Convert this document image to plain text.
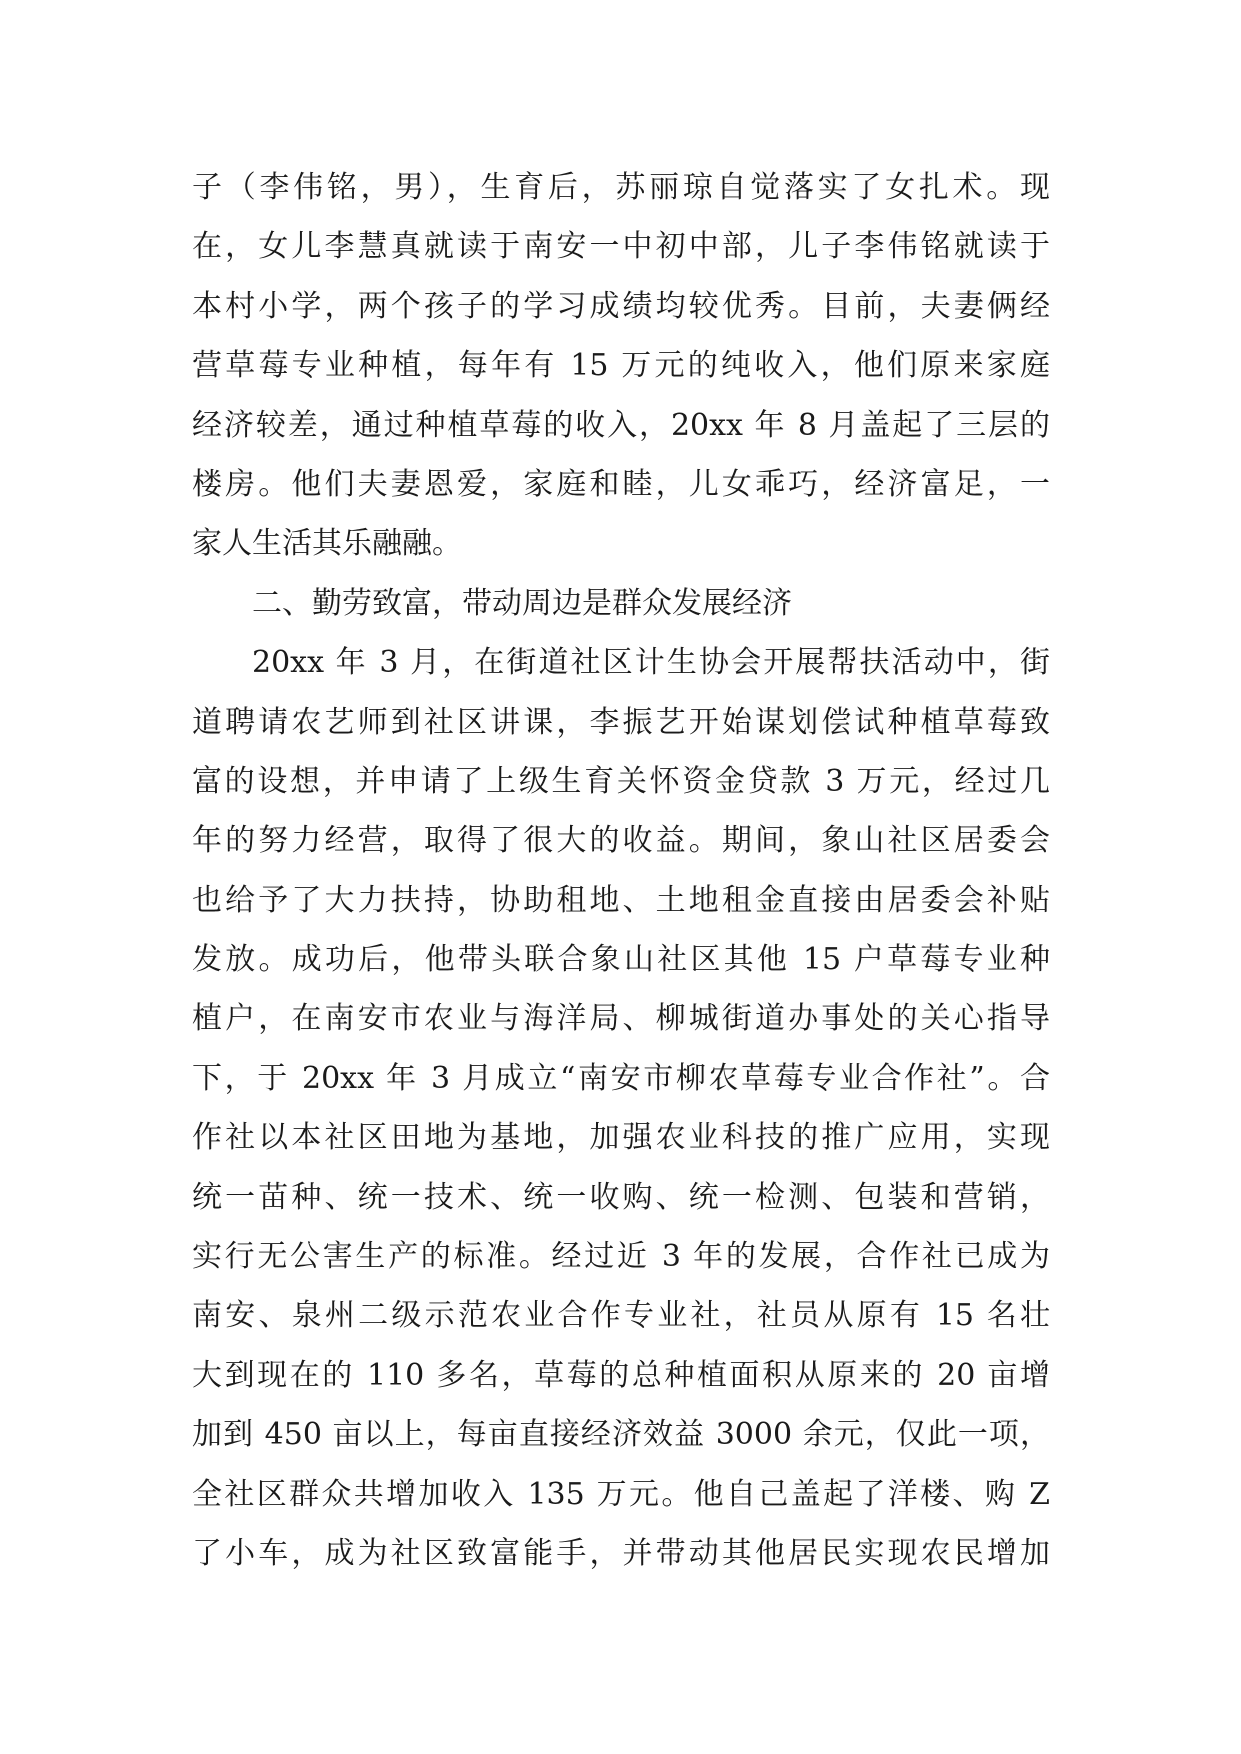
子（李伟铭，男），生育后，苏丽琼自觉落实了女扎术。现
在，女儿李慧真就读于南安一中初中部，儿子李伟铭就读于
本村小学，两个孩子的学习成绩均较优秀。目前，夫妻俩经
营草莓专业种植，每年有 15 万元的纯收入，他们原来家庭
经济较差，通过种植草莓的收入，20xx 年 8 月盖起了三层的
楼房。他们夫妻恩爱，家庭和睦，儿女乖巧，经济富足，一
家人生活其乐融融。
二、勤劳致富，带动周边是群众发展经济
20xx 年 3 月，在街道社区计生协会开展帮扶活动中，街
道聘请农艺师到社区讲课，李振艺开始谋划偿试种植草莓致
富的设想，并申请了上级生育关怀资金贷款 3 万元，经过几
年的努力经营，取得了很大的收益。期间，象山社区居委会
也给予了大力扶持，协助租地、土地租金直接由居委会补贴
发放。成功后，他带头联合象山社区其他 15 户草莓专业种
植户，在南安市农业与海洋局、柳城街道办事处的关心指导
下，于 20xx 年 3 月成立“南安市柳农草莓专业合作社”。合
作社以本社区田地为基地，加强农业科技的推广应用，实现
统一苗种、统一技术、统一收购、统一检测、包装和营销，
实行无公害生产的标准。经过近 3 年的发展，合作社已成为
南安、泉州二级示范农业合作专业社，社员从原有 15 名壮
大到现在的 110 多名，草莓的总种植面积从原来的 20 亩增
加到 450 亩以上，每亩直接经济效益 3000 余元，仅此一项，
全社区群众共增加收入 135 万元。他自己盖起了洋楼、购 Z
了小车，成为社区致富能手，并带动其他居民实现农民增加
